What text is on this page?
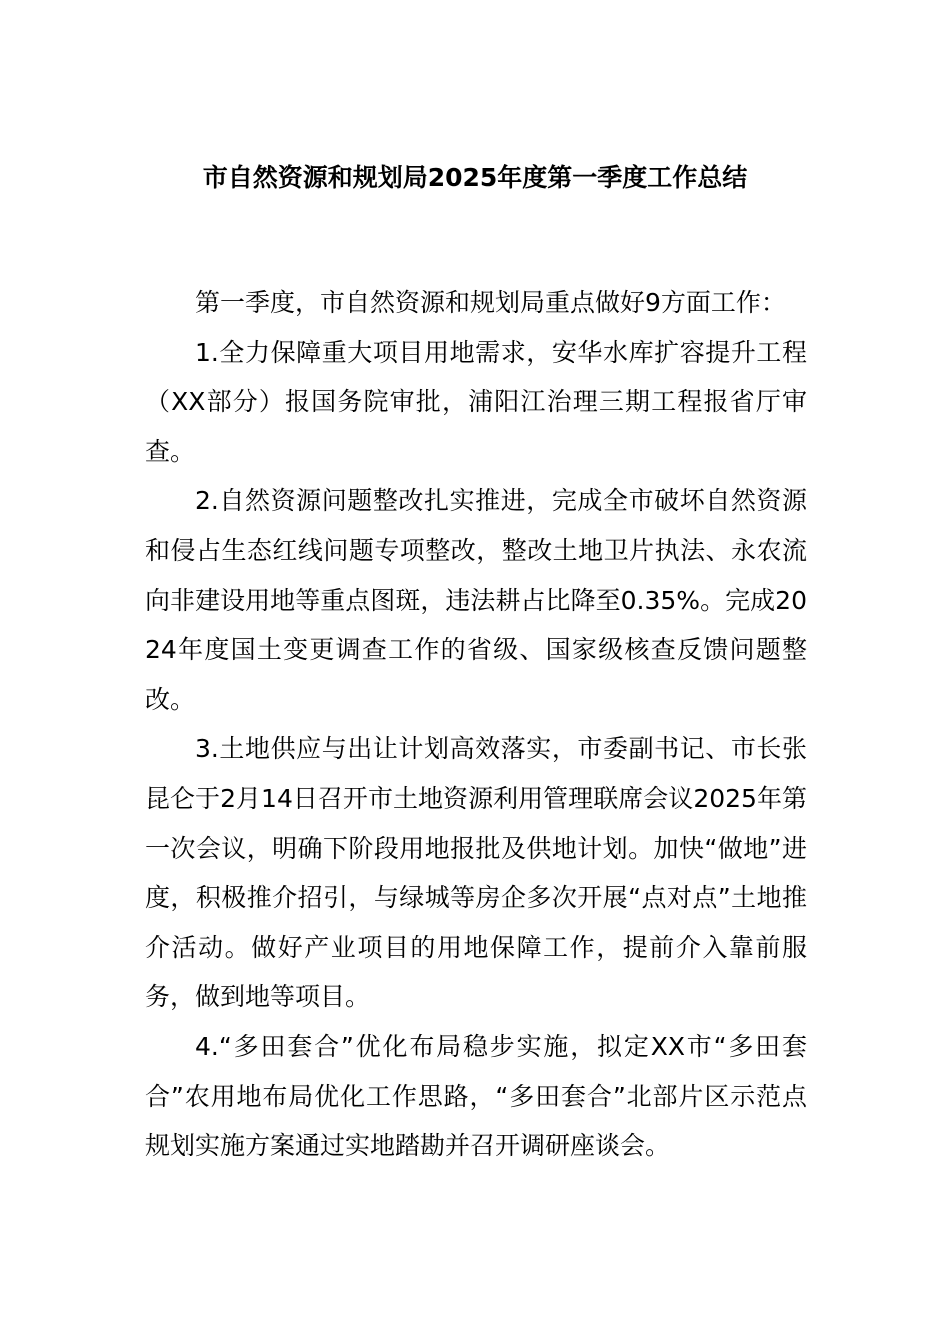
市自然资源和规划局2025年度第一季度工作总结

第一季度，市自然资源和规划局重点做好9方面工作：

1.全力保障重大项目用地需求，安华水库扩容提升工程（XX部分）报国务院审批，浦阳江治理三期工程报省厅审查。

2.自然资源问题整改扎实推进，完成全市破坏自然资源和侵占生态红线问题专项整改，整改土地卫片执法、永农流向非建设用地等重点图斑，违法耕占比降至0.35%。完成2024年度国土变更调查工作的省级、国家级核查反馈问题整改。

3.土地供应与出让计划高效落实，市委副书记、市长张昆仑于2月14日召开市土地资源利用管理联席会议2025年第一次会议，明确下阶段用地报批及供地计划。加快“做地”进度，积极推介招引，与绿城等房企多次开展“点对点”土地推介活动。做好产业项目的用地保障工作，提前介入靠前服务，做到地等项目。

4.“多田套合”优化布局稳步实施，拟定XX市“多田套合”农用地布局优化工作思路，“多田套合”北部片区示范点规划实施方案通过实地踏勘并召开调研座谈会。
